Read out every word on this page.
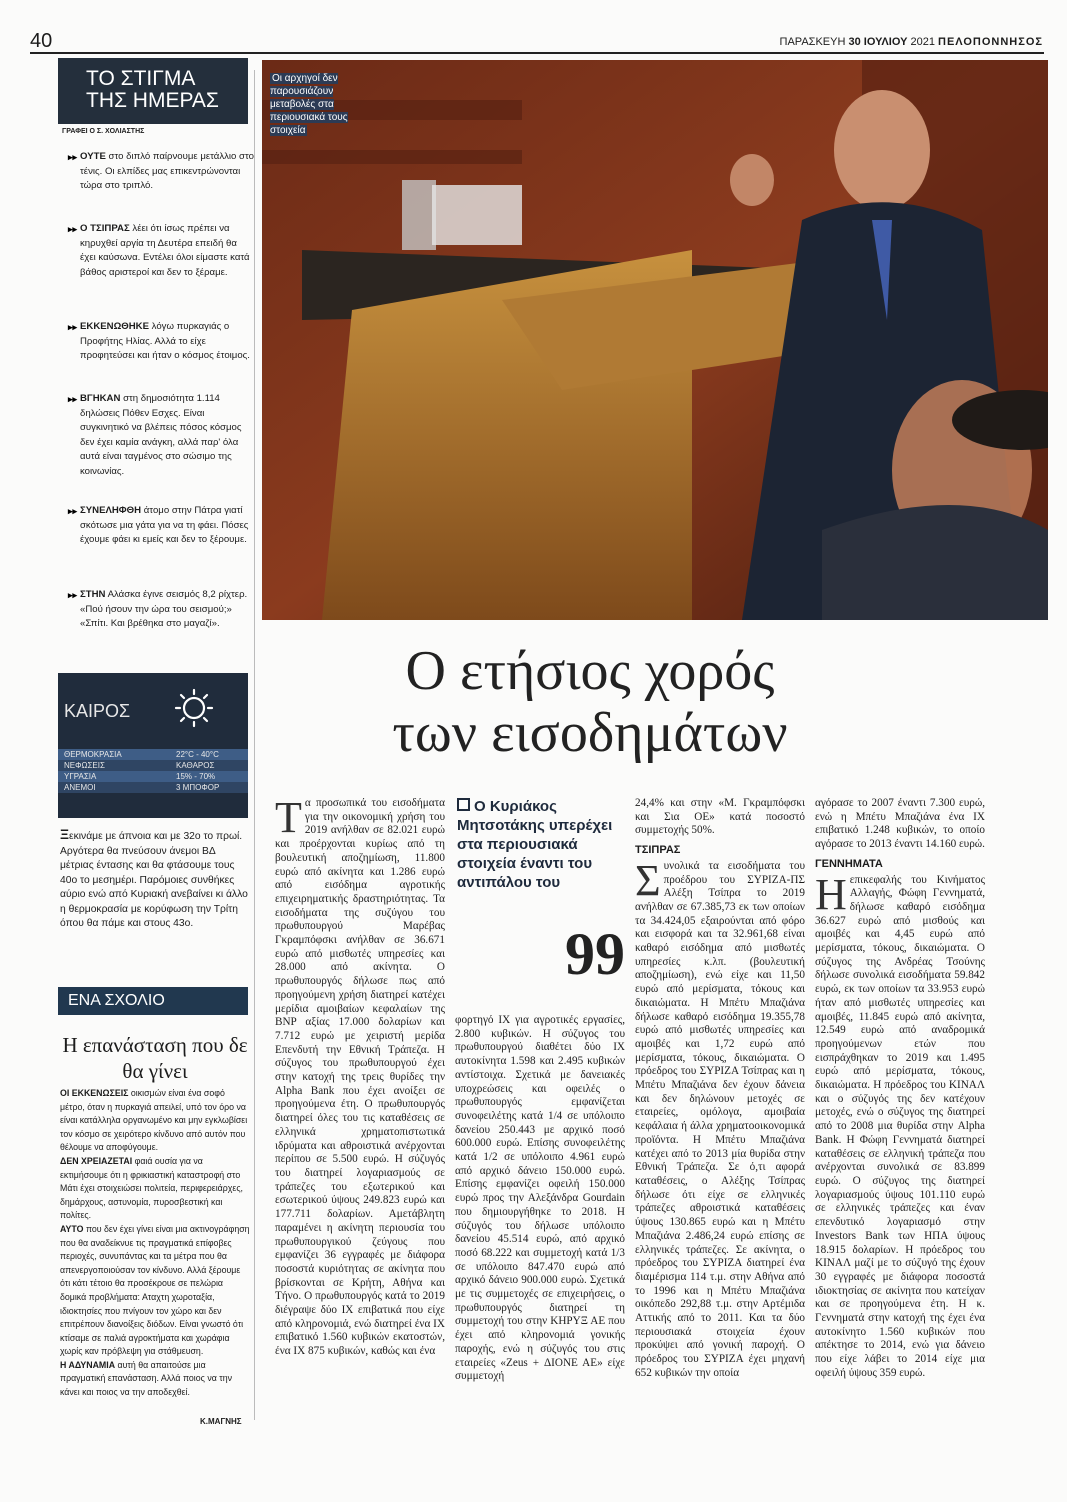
40	ΠΑΡΑΣΚΕΥΗ 30 ΙΟΥΛΙΟΥ 2021 ΠΕΛΟΠΟΝΝΗΣΟΣ
ΤΟ ΣΤΙΓΜΑ
ΤΗΣ ΗΜΕΡΑΣ
ΓΡΑΦΕΙ Ο Σ. ΧΟΛΙΑΣΤΗΣ
▸▸ ΟΥΤΕ στο διπλό παίρνουμε μετάλλιο στο τένις. Οι ελπίδες μας επικεντρώνονται τώρα στο τριπλό.
▸▸ Ο ΤΣΙΠΡΑΣ λέει ότι ίσως πρέπει να κηρυχθεί αργία τη Δευτέρα επειδή θα έχει καύσωνα. Εντέλει όλοι είμαστε κατά βάθος αριστεροί και δεν το ξέραμε.
▸▸ ΕΚΚΕΝΩΘΗΚΕ λόγω πυρκαγιάς ο Προφήτης Ηλίας. Αλλά το είχε προφητεύσει και ήταν ο κόσμος έτοιμος.
▸▸ ΒΓΗΚΑΝ στη δημοσιότητα 1.114 δηλώσεις Πόθεν Εσχες. Είναι συγκινητικό να βλέπεις πόσος κόσμος δεν έχει καμία ανάγκη, αλλά παρ' όλα αυτά είναι ταγμένος στο σώσιμο της κοινωνίας.
▸▸ ΣΥΝΕΛΗΦΘΗ άτομο στην Πάτρα γιατί σκότωσε μια γάτα για να τη φάει. Πόσες έχουμε φάει κι εμείς και δεν το ξέρουμε.
▸▸ ΣΤΗΝ Αλάσκα έγινε σεισμός 8,2 ρίχτερ. «Πού ήσουν την ώρα του σεισμού;» «Σπίτι. Και βρέθηκα στο μαγαζί».
ΚΑΙΡΟΣ
ΘΕΡΜΟΚΡΑΣΙΑ	22°C - 40°C
ΝΕΦΩΣΕΙΣ	ΚΑΘΑΡΟΣ
ΥΓΡΑΣΙΑ	15% - 70%
ΑΝΕΜΟΙ	3 ΜΠΟΦΟΡ
Ξεκινάμε με άπνοια και με 32ο το πρωί. Αργότερα θα πνεύσουν άνεμοι ΒΔ μέτριας έντασης και θα φτάσουμε τους 40ο το μεσημέρι. Παρόμοιες συνθήκες αύριο ενώ από Κυριακή ανεβαίνει κι άλλο η θερμοκρασία με κορύφωση την Τρίτη όπου θα πάμε και στους 43ο.
ΕΝΑ ΣΧΟΛΙΟ
Η επανάσταση που δε θα γίνει
ΟΙ ΕΚΚΕΝΩΣΕΙΣ οικισμών είναι ένα σοφό μέτρο, όταν η πυρκαγιά απειλεί, υπό τον όρο να είναι κατάλληλα οργανωμένο και μην εγκλωβίσει τον κόσμο σε χειρότερο κίνδυνο από αυτόν που θέλουμε να αποφύγουμε.
ΔΕΝ ΧΡΕΙΑΖΕΤΑΙ φαιά ουσία για να εκτιμήσουμε ότι η φρικιαστική καταστροφή στο Μάτι έχει στοιχειώσει πολιτεία, περιφερειάρχες, δημάρχους, αστυνομία, πυροσβεστική και πολίτες.
ΑΥΤΟ που δεν έχει γίνει είναι μια ακτινογράφηση που θα αναδείκνυε τις πραγματικά επίφοβες περιοχές, συνυπάντας και τα μέτρα που θα απενεργοποιούσαν τον κίνδυνο. Αλλά ξέρουμε ότι κάτι τέτοιο θα προσέκρουε σε πελώρια δομικά προβλήματα: Αταχτη χωροταξία, ιδιοκτησίες που πνίγουν τον χώρο και δεν επιτρέπουν διανοίξεις διόδων. Είναι γνωστό ότι κτίσαμε σε παλιά αγροκτήματα και χωράφια χωρίς καν πρόβλεψη για στάθμευση.
Η ΑΔΥΝΑΜΙΑ αυτή θα απαιτούσε μια πραγματική επανάσταση. Αλλά ποιος να την κάνει και ποιος να την αποδεχθεί.
Κ.ΜΑΓΝΗΣ
Οι αρχηγοί δεν παρουσιάζουν μεταβολές στα περιουσιακά τους στοιχεία
Ο ετήσιος χορός
των εισοδημάτων
Τα προσωπικά του εισοδήματα για την οικονομική χρήση του 2019 ανήλθαν σε 82.021 ευρώ και προέρχονται κυρίως από τη βουλευτική αποζημίωση, 11.800 ευρώ από ακίνητα και 1.286 ευρώ από εισόδημα αγροτικής επιχειρηματικής δραστηριότητας. Τα εισοδήματα της συζύγου του πρωθυπουργού Μαρέβας Γκραμπόφσκι ανήλθαν σε 36.671 ευρώ από μισθωτές υπηρεσίες και 28.000 από ακίνητα. Ο πρωθυπουργός δήλωσε πως από προηγούμενη χρήση διατηρεί κατέχει μερίδια αμοιβαίων κεφαλαίων της BNP αξίας 17.000 δολαρίων και 7.712 ευρώ με χειριστή μερίδα Επενδυτή την Εθνική Τράπεζα. Η σύζυγος του πρωθυπουργού έχει στην κατοχή της τρεις θυρίδες την Alpha Bank που έχει ανοίξει σε προηγούμενα έτη. Ο πρωθυπουργός διατηρεί όλες του τις καταθέσεις σε ελληνικά χρηματοπιστωτικά ιδρύματα και αθροιστικά ανέρχονται περίπου σε 5.500 ευρώ. Η σύζυγός του διατηρεί λογαριασμούς σε τράπεζες του εξωτερικού και εσωτερικού ύψους 249.823 ευρώ και 177.711 δολαρίων. Αμετάβλητη παραμένει η ακίνητη περιουσία του πρωθυπουργικού ζεύγους που εμφανίζει 36 εγγραφές με διάφορα ποσοστά κυριότητας σε ακίνητα που βρίσκονται σε Κρήτη, Αθήνα και Τήνο. Ο πρωθυπουργός κατά το 2019 διέγραψε δύο ΙΧ επιβατικά που είχε από κληρονομιά, ενώ διατηρεί ένα ΙΧ επιβατικό 1.560 κυβικών εκατοστών, ένα ΙΧ 875 κυβικών, καθώς και ένα
Ο Κυριάκος Μητσοτάκης υπερέχει στα περιουσιακά στοιχεία έναντι του αντιπάλου του
99
φορτηγό ΙΧ για αγροτικές εργασίες, 2.800 κυβικών. Η σύζυγος του πρωθυπουργού διαθέτει δύο ΙΧ αυτοκίνητα 1.598 και 2.495 κυβικών αντίστοιχα. Σχετικά με δανειακές υποχρεώσεις και οφειλές ο πρωθυπουργός εμφανίζεται συνοφειλέτης κατά 1/4 σε υπόλοιπο δανείου 250.443 με αρχικό ποσό 600.000 ευρώ. Επίσης συνοφειλέτης κατά 1/2 σε υπόλοιπο 4.961 ευρώ από αρχικό δάνειο 150.000 ευρώ. Επίσης εμφανίζει οφειλή 150.000 ευρώ προς την Αλεξάνδρα Gourdain που δημιουργήθηκε το 2018. Η σύζυγός του δήλωσε υπόλοιπο δανείου 45.514 ευρώ, από αρχικό ποσό 68.222 και συμμετοχή κατά 1/3 σε υπόλοιπο 847.470 ευρώ από αρχικό δάνειο 900.000 ευρώ. Σχετικά με τις συμμετοχές σε επιχειρήσεις, ο πρωθυπουργός διατηρεί τη συμμετοχή του στην ΚΗΡΥΞ ΑΕ που έχει από κληρονομιά γονικής παροχής, ενώ η σύζυγός του στις εταιρείες «Zeus + ΔΙΟΝΕ ΑΕ» είχε συμμετοχή
24,4% και στην «Μ. Γκραμπόφσκι και Σια ΟΕ» κατά ποσοστό συμμετοχής 50%.
ΤΣΙΠΡΑΣ
Σ υνολικά τα εισοδήματα του προέδρου του ΣΥΡΙΖΑ-ΠΣ Αλέξη Τσίπρα το 2019 ανήλθαν σε 67.385,73 εκ των οποίων τα 34.424,05 εξαιρούνται από φόρο και εισφορά και τα 32.961,68 είναι καθαρό εισόδημα από μισθωτές υπηρεσίες κ.λπ. (βουλευτική αποζημίωση), ενώ είχε και 11,50 ευρώ από μερίσματα, τόκους και δικαιώματα. Η Μπέτυ Μπαζιάνα δήλωσε καθαρό εισόδημα 19.355,78 ευρώ από μισθωτές υπηρεσίες και αμοιβές και 1,72 ευρώ από μερίσματα, τόκους, δικαιώματα. Ο πρόεδρος του ΣΥΡΙΖΑ Τσίπρας και η Μπέτυ Μπαζιάνα δεν έχουν δάνεια και δεν δηλώνουν μετοχές σε εταιρείες, ομόλογα, αμοιβαία κεφάλαια ή άλλα χρηματοοικονομικά προϊόντα. Η Μπέτυ Μπαζιάνα κατέχει από το 2013 μία θυρίδα στην Εθνική Τράπεζα. Σε ό,τι αφορά καταθέσεις, ο Αλέξης Τσίπρας δήλωσε ότι είχε σε ελληνικές τράπεζες αθροιστικά καταθέσεις ύψους 130.865 ευρώ και η Μπέτυ Μπαζιάνα 2.486,24 ευρώ επίσης σε ελληνικές τράπεζες. Σε ακίνητα, ο πρόεδρος του ΣΥΡΙΖΑ διατηρεί ένα διαμέρισμα 114 τ.μ. στην Αθήνα από το 1996 και η Μπέτυ Μπαζιάνα οικόπεδο 292,88 τ.μ. στην Αρτέμιδα Αττικής από το 2011. Και τα δύο περιουσιακά στοιχεία έχουν προκύψει από γονική παροχή. Ο πρόεδρος του ΣΥΡΙΖΑ έχει μηχανή 652 κυβικών την οποία
αγόρασε το 2007 έναντι 7.300 ευρώ, ενώ η Μπέτυ Μπαζιάνα ένα ΙΧ επιβατικό 1.248 κυβικών, το οποίο αγόρασε το 2013 έναντι 14.160 ευρώ.
ΓΕΝΝΗΜΑΤΑ
Η επικεφαλής του Κινήματος Αλλαγής, Φώφη Γεννηματά, δήλωσε καθαρό εισόδημα 36.627 ευρώ από μισθούς και αμοιβές και 4,45 ευρώ από μερίσματα, τόκους, δικαιώματα. Ο σύζυγος της Ανδρέας Τσούνης δήλωσε συνολικά εισοδήματα 59.842 ευρώ, εκ των οποίων τα 33.953 ευρώ ήταν από μισθωτές υπηρεσίες και αμοιβές, 11.845 ευρώ από ακίνητα, 12.549 ευρώ από αναδρομικά προηγούμενων ετών που εισπράχθηκαν το 2019 και 1.495 ευρώ από μερίσματα, τόκους, δικαιώματα. Η πρόεδρος του ΚΙΝΑΛ και ο σύζυγός της δεν κατέχουν μετοχές, ενώ ο σύζυγος της διατηρεί από το 2008 μια θυρίδα στην Alpha Bank. Η Φώφη Γεννηματά διατηρεί καταθέσεις σε ελληνική τράπεζα που ανέρχονται συνολικά σε 83.899 ευρώ. Ο σύζυγος της διατηρεί λογαριασμούς ύψους 101.110 ευρώ σε ελληνικές τράπεζες και έναν επενδυτικό λογαριασμό στην Investors Bank των ΗΠΑ ύψους 18.915 δολαρίων. Η πρόεδρος του ΚΙΝΑΛ μαζί με το σύζυγό της έχουν 30 εγγραφές με διάφορα ποσοστά ιδιοκτησίας σε ακίνητα που κατείχαν και σε προηγούμενα έτη. Η κ. Γεννηματά στην κατοχή της έχει ένα αυτοκίνητο 1.560 κυβικών που απέκτησε το 2014, ενώ για δάνειο που είχε λάβει το 2014 είχε μια οφειλή ύψους 359 ευρώ.
